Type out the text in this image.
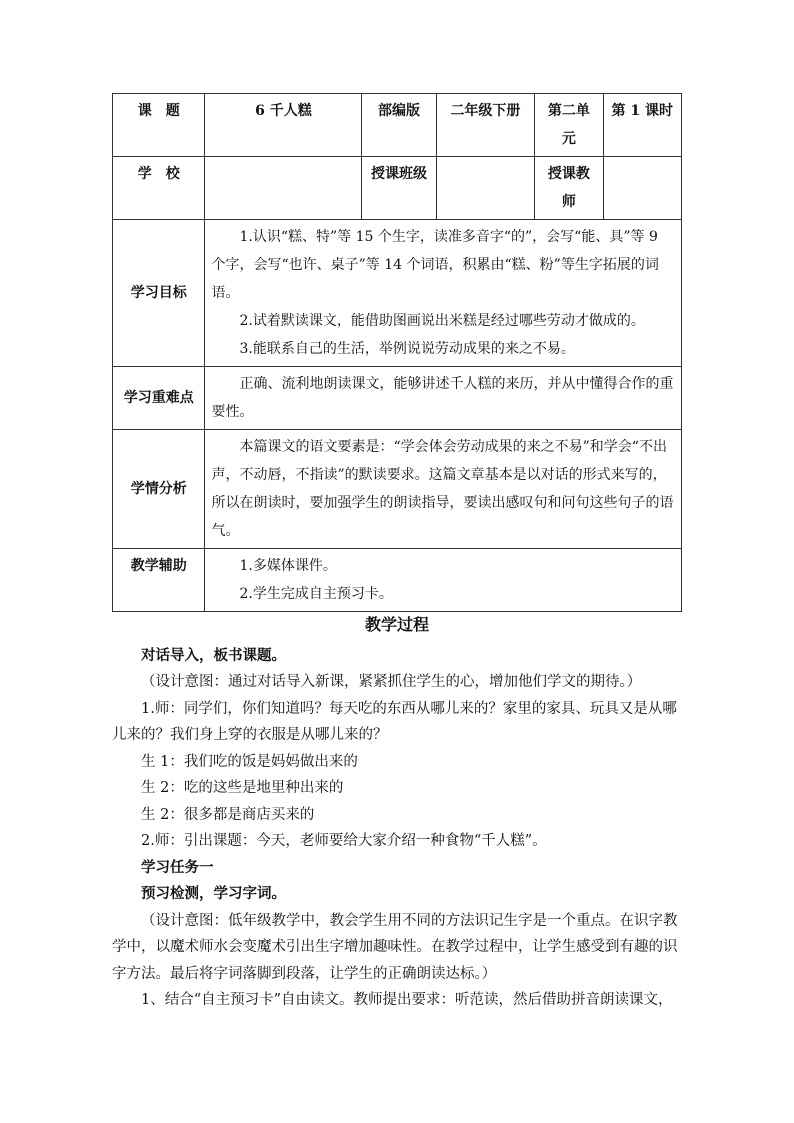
课　题	6 千人糕	部编版	二年级下册	第二单元	第 1 课时
学　校		授课班级		授课教师	
学习目标	1.认识“糕、特”等 15 个生字，读准多音字“的”，会写“能、具”等 9 个字，会写“也许、桌子”等 14 个词语，积累由“糕、粉”等生字拓展的词语。
2.试着默读课文，能借助图画说出米糕是经过哪些劳动才做成的。
3.能联系自己的生活，举例说说劳动成果的来之不易。				

学习重难点	正确、流利地朗读课文，能够讲述千人糕的来历，并从中懂得合作的重要性。				

学情分析	本篇课文的语文要素是：“学会体会劳动成果的来之不易”和学会“不出声，不动唇，不指读”的默读要求。这篇文章基本是以对话的形式来写的，所以在朗读时，要加强学生的朗读指导，要读出感叹句和问句这些句子的语气。				

教学辅助	1.多媒体课件。
2.学生完成自主预习卡。				
教学过程

对话导入，板书课题。

（设计意图：通过对话导入新课，紧紧抓住学生的心，增加他们学文的期待。）

1.师：同学们，你们知道吗？每天吃的东西从哪儿来的？家里的家具、玩具又是从哪儿来的？我们身上穿的衣服是从哪儿来的？

生 1：我们吃的饭是妈妈做出来的

生 2：吃的这些是地里种出来的

生 2：很多都是商店买来的

2.师：引出课题：今天，老师要给大家介绍一种食物“千人糕”。

学习任务一

预习检测，学习字词。

（设计意图：低年级教学中，教会学生用不同的方法识记生字是一个重点。在识字教学中，以魔术师水会变魔术引出生字增加趣味性。在教学过程中，让学生感受到有趣的识字方法。最后将字词落脚到段落，让学生的正确朗读达标。）

1、结合“自主预习卡”自由读文。教师提出要求：听范读，然后借助拼音朗读课文，
